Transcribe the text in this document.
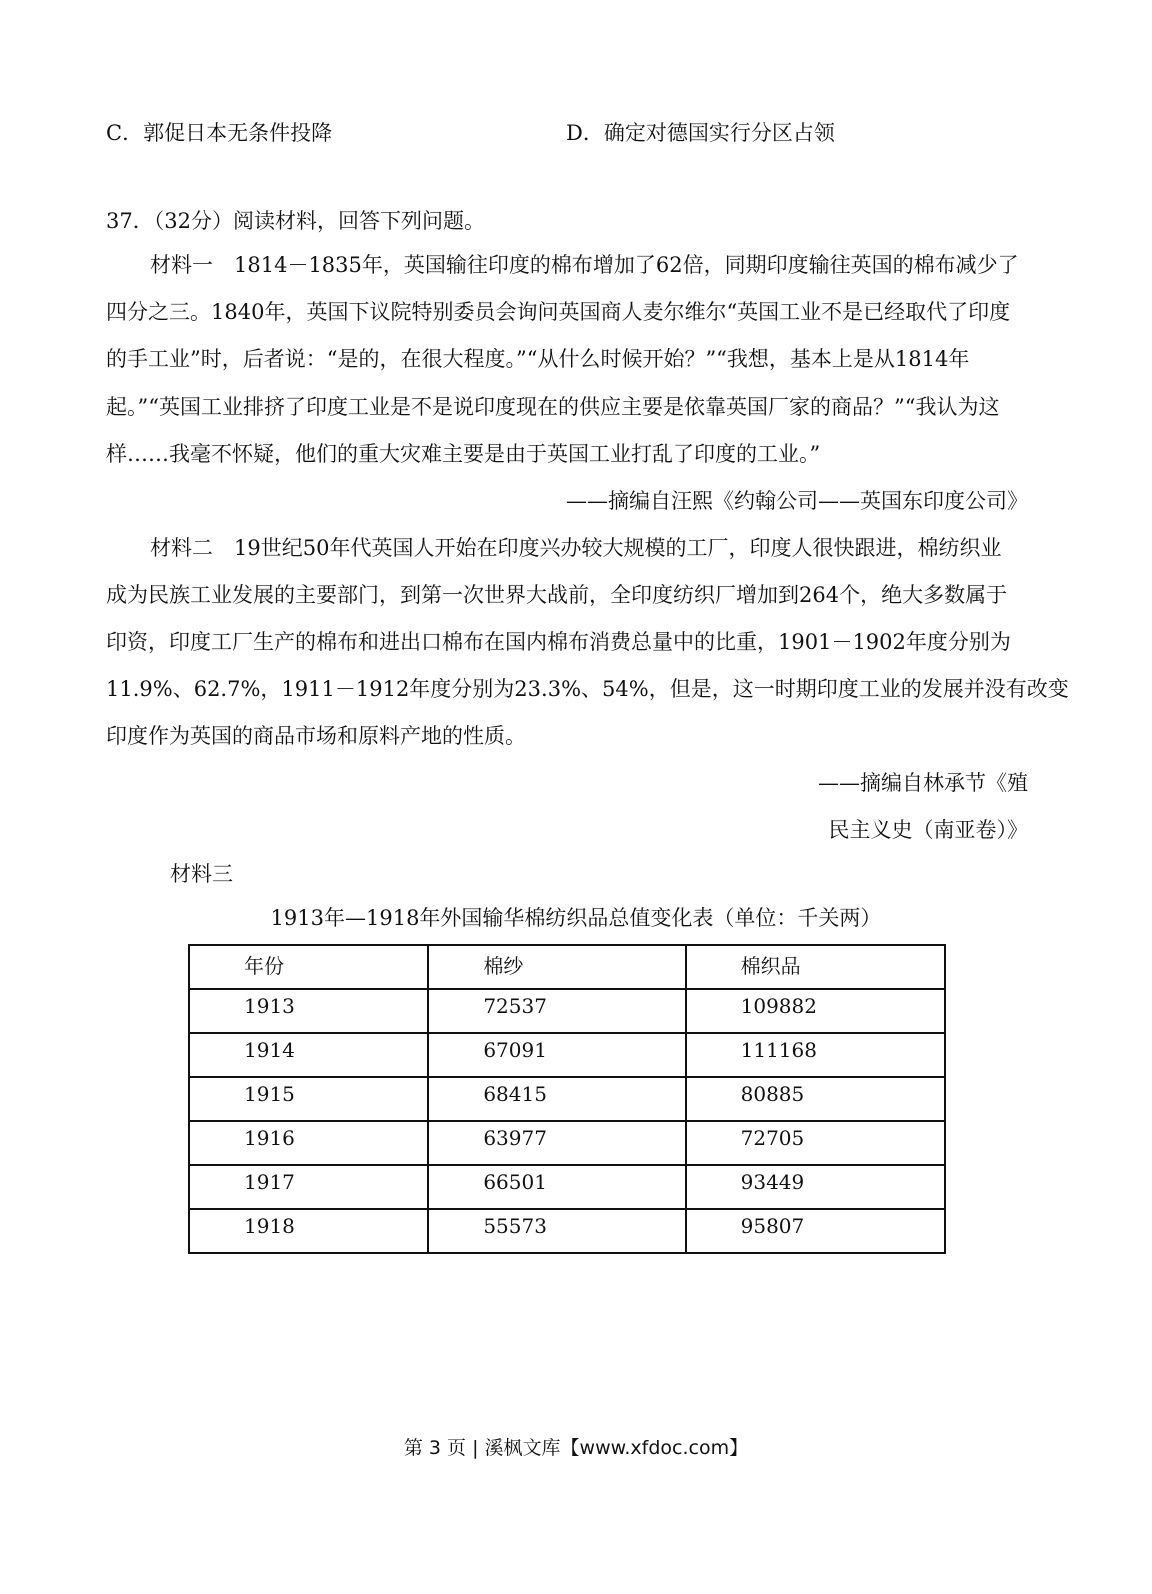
C．郭促日本无条件投降	D．确定对德国实行分区占领
37．（32分）阅读材料，回答下列问题。
材料一　1814－1835年，英国输往印度的棉布增加了62倍，同期印度输往英国的棉布减少了
四分之三。1840年，英国下议院特别委员会询问英国商人麦尔维尔“英国工业不是已经取代了印度
的手工业”时，后者说：“是的，在很大程度。”“从什么时候开始？”“我想，基本上是从1814年
起。”“英国工业排挤了印度工业是不是说印度现在的供应主要是依靠英国厂家的商品？”“我认为这
样……我毫不怀疑，他们的重大灾难主要是由于英国工业打乱了印度的工业。”
——摘编自汪熙《约翰公司——英国东印度公司》
材料二　19世纪50年代英国人开始在印度兴办较大规模的工厂，印度人很快跟进，棉纺织业
成为民族工业发展的主要部门，到第一次世界大战前，全印度纺织厂增加到264个，绝大多数属于
印资，印度工厂生产的棉布和进出口棉布在国内棉布消费总量中的比重，1901－1902年度分别为
11.9%、62.7%，1911－1912年度分别为23.3%、54%，但是，这一时期印度工业的发展并没有改变
印度作为英国的商品市场和原料产地的性质。
——摘编自林承节《殖
民主义史（南亚卷）》
材料三
1913年—1918年外国输华棉纺织品总值变化表（单位：千关两）
年份	棉纱	棉织品
1913	72537	109882
1914	67091	111168
1915	68415	80885
1916	63977	72705
1917	66501	93449
1918	55573	95807
第 3 页 | 溪枫文库【www.xfdoc.com】
